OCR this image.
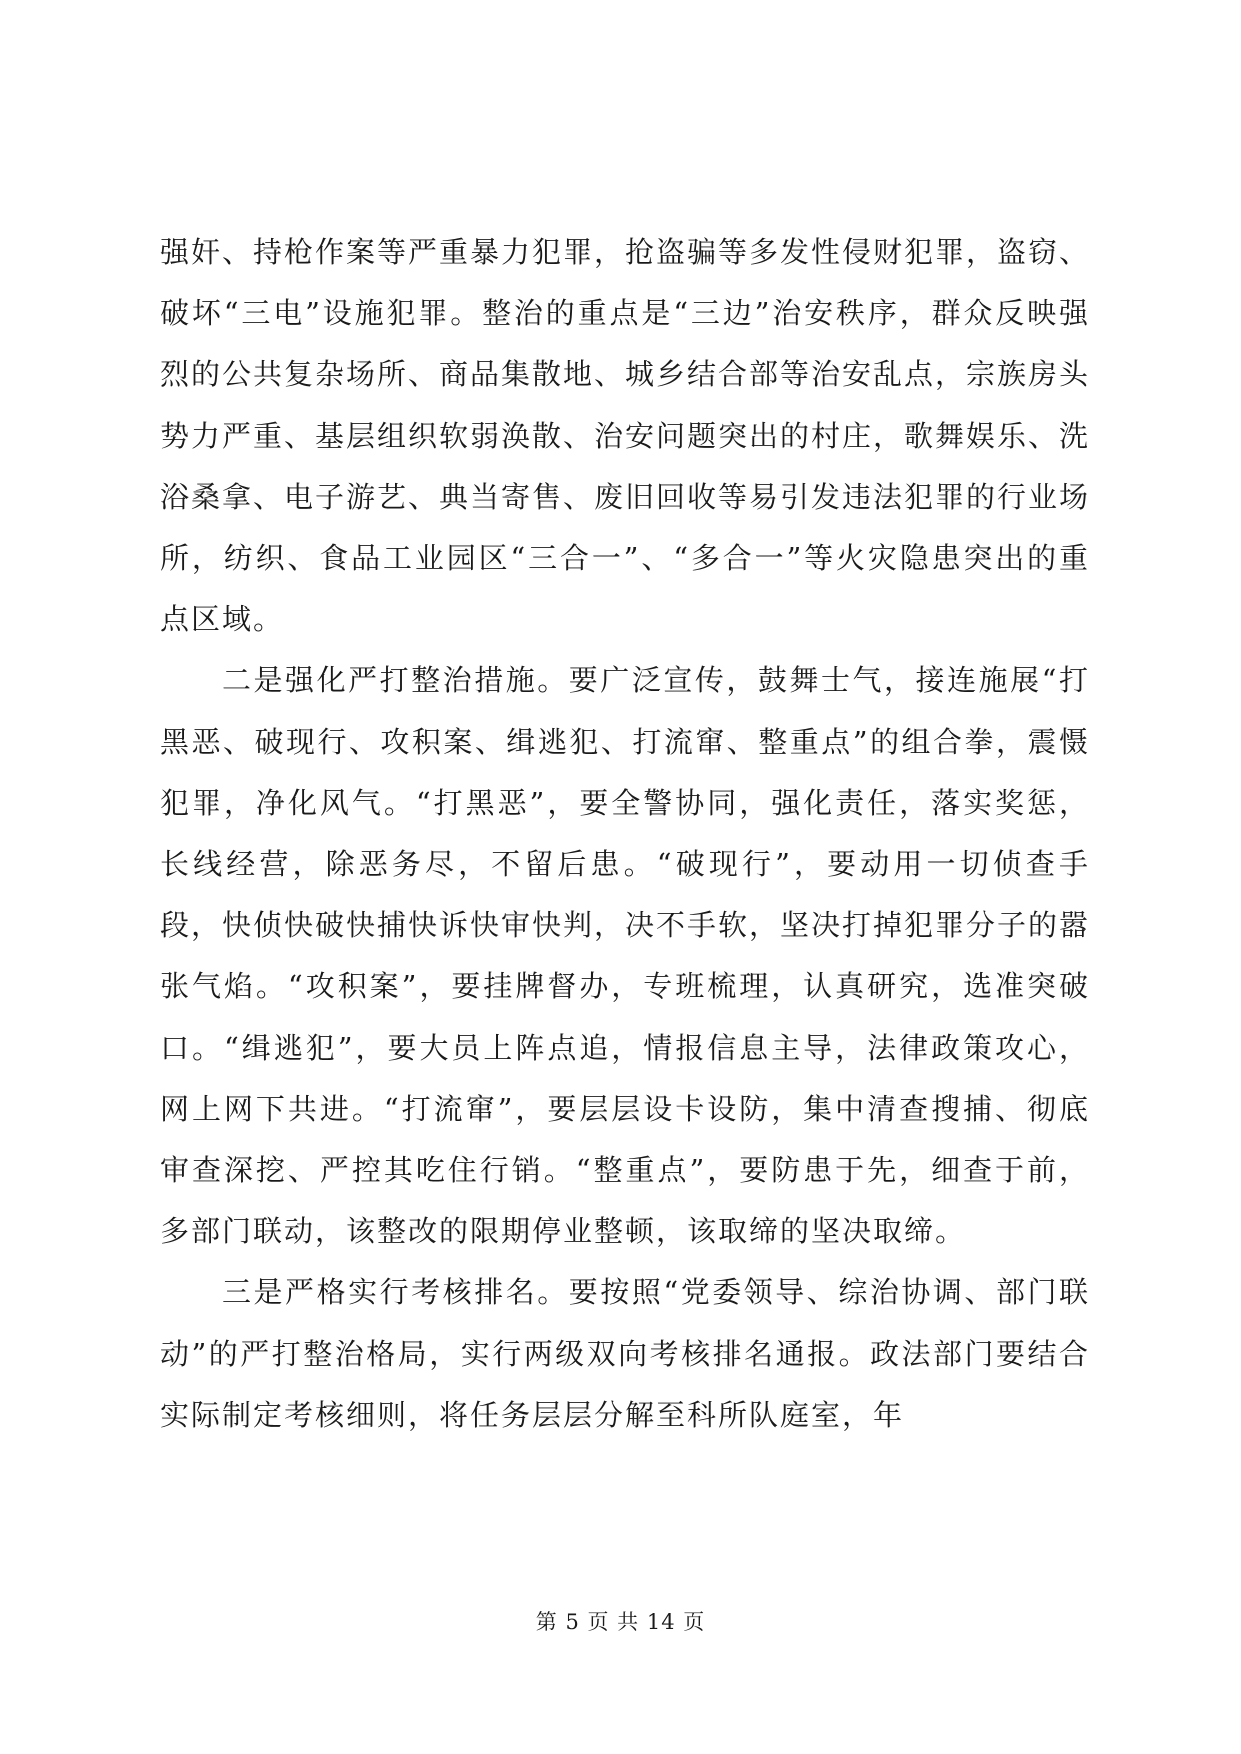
强奸、持枪作案等严重暴力犯罪，抢盗骗等多发性侵财犯罪，盗窃、破坏“三电”设施犯罪。整治的重点是“三边”治安秩序，群众反映强烈的公共复杂场所、商品集散地、城乡结合部等治安乱点，宗族房头势力严重、基层组织软弱涣散、治安问题突出的村庄，歌舞娱乐、洗浴桑拿、电子游艺、典当寄售、废旧回收等易引发违法犯罪的行业场所，纺织、食品工业园区“三合一”、“多合一”等火灾隐患突出的重点区域。

二是强化严打整治措施。要广泛宣传，鼓舞士气，接连施展“打黑恶、破现行、攻积案、缉逃犯、打流窜、整重点”的组合拳，震慑犯罪，净化风气。“打黑恶”，要全警协同，强化责任，落实奖惩，长线经营，除恶务尽，不留后患。“破现行”，要动用一切侦查手段，快侦快破快捕快诉快审快判，决不手软，坚决打掉犯罪分子的嚣张气焰。“攻积案”，要挂牌督办，专班梳理，认真研究，选准突破口。“缉逃犯”，要大员上阵点追，情报信息主导，法律政策攻心，网上网下共进。“打流窜”，要层层设卡设防，集中清查搜捕、彻底审查深挖、严控其吃住行销。“整重点”，要防患于先，细查于前，多部门联动，该整改的限期停业整顿，该取缔的坚决取缔。

三是严格实行考核排名。要按照“党委领导、综治协调、部门联动”的严打整治格局，实行两级双向考核排名通报。政法部门要结合实际制定考核细则，将任务层层分解至科所队庭室，年

第 5 页 共 14 页
